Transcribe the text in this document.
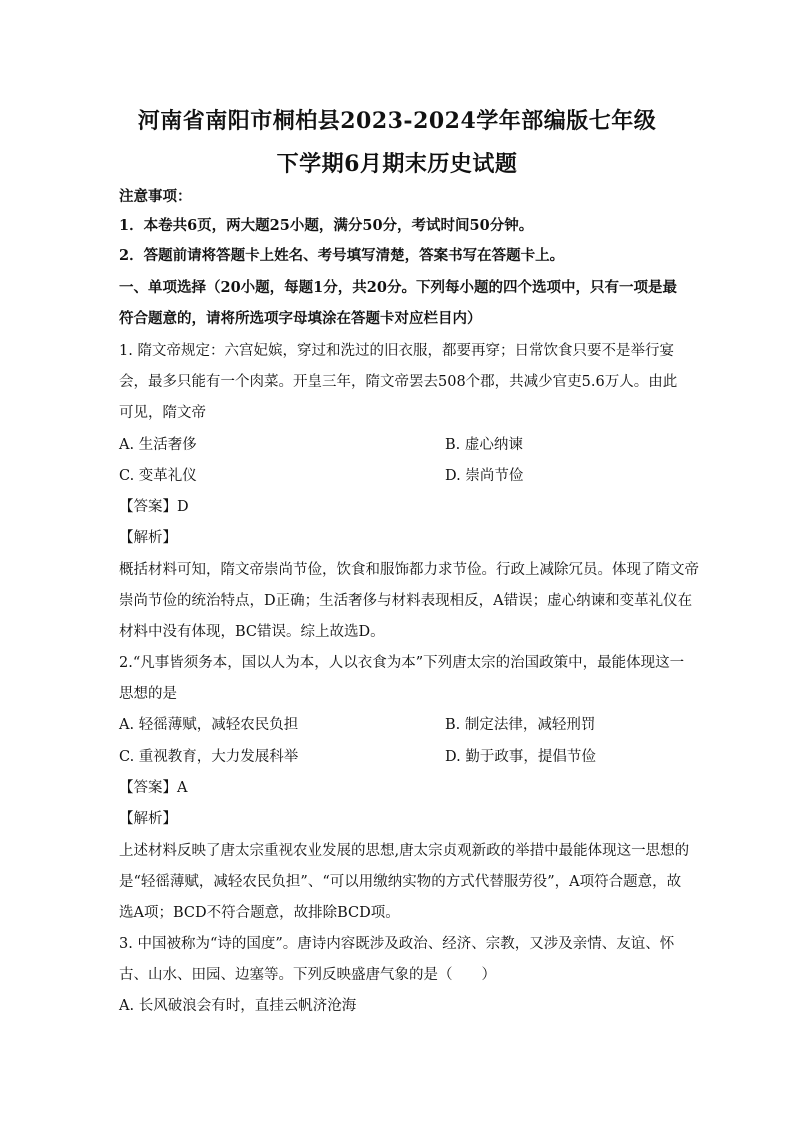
河南省南阳市桐柏县2023-2024学年部编版七年级
下学期6月期末历史试题
注意事项：
1．本卷共6页，两大题25小题，满分50分，考试时间50分钟。
2．答题前请将答题卡上姓名、考号填写清楚，答案书写在答题卡上。
一、单项选择（20小题，每题1分，共20分。下列每小题的四个选项中，只有一项是最
符合题意的，请将所选项字母填涂在答题卡对应栏目内）
1. 隋文帝规定：六宫妃嫔，穿过和洗过的旧衣服，都要再穿；日常饮食只要不是举行宴
会，最多只能有一个肉菜。开皇三年，隋文帝罢去508个郡，共减少官吏5.6万人。由此
可见，隋文帝
A. 生活奢侈	B. 虚心纳谏
C. 变革礼仪	D. 崇尚节俭
【答案】D
【解析】
概括材料可知，隋文帝崇尚节俭，饮食和服饰都力求节俭。行政上减除冗员。体现了隋文帝
崇尚节俭的统治特点，D正确；生活奢侈与材料表现相反，A错误；虚心纳谏和变革礼仪在
材料中没有体现，BC错误。综上故选D。
2.“凡事皆须务本，国以人为本，人以衣食为本”下列唐太宗的治国政策中，最能体现这一
思想的是
A. 轻徭薄赋，减轻农民负担	B. 制定法律，减轻刑罚
C. 重视教育，大力发展科举	D. 勤于政事，提倡节俭
【答案】A
【解析】
上述材料反映了唐太宗重视农业发展的思想,唐太宗贞观新政的举措中最能体现这一思想的
是“轻徭薄赋，减轻农民负担”、“可以用缴纳实物的方式代替服劳役”，A项符合题意，故
选A项；BCD不符合题意，故排除BCD项。
3. 中国被称为“诗的国度”。唐诗内容既涉及政治、经济、宗教，又涉及亲情、友谊、怀
古、山水、田园、边塞等。下列反映盛唐气象的是（　　）
A. 长风破浪会有时，直挂云帆济沧海
